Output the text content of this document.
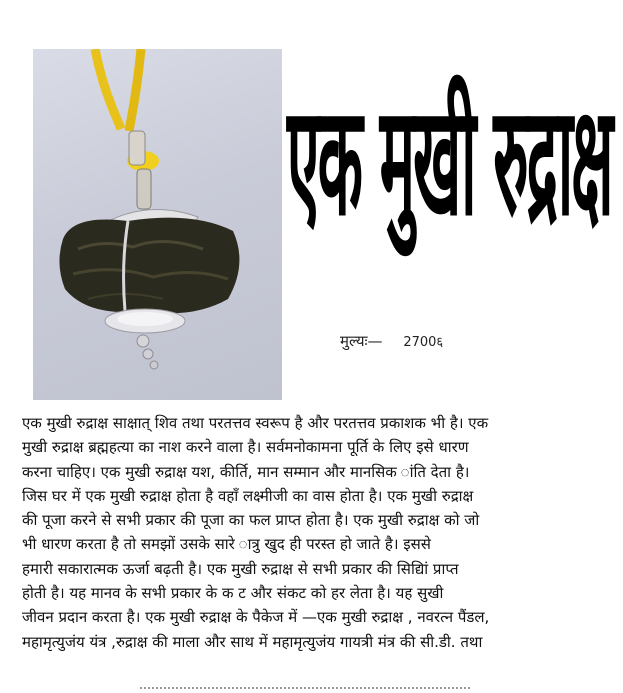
एक मुखी रुद्राक्ष
मुल्यः— 2700६
एक मुखी रुद्राक्ष साक्षात् शिव तथा परतत्तव स्वरूप है और परतत्तव प्रकाशक भी है। एक
मुखी रुद्राक्ष ब्रह्महत्या का नाश करने वाला है। सर्वमनोकामना पूर्ति के लिए इसे धारण
करना चाहिए। एक मुखी रुद्राक्ष यश, कीर्ति, मान सम्मान और मानसिक ांति देता है।
जिस घर में एक मुखी रुद्राक्ष होता है वहॉं लक्ष्मीजी का वास होता है। एक मुखी रुद्राक्ष
की पूजा करने से सभी प्रकार की पूजा का फल प्राप्त होता है। एक मुखी रुद्राक्ष को जो
भी धारण करता है तो समझों उसके सारे ात्रु खुद ही परस्त हो जाते है। इससे
हमारी सकारात्मक ऊर्जा बढ़ती है। एक मुखी रुद्राक्ष से सभी प्रकार की सिद्यिां प्राप्त
होती है। यह मानव के सभी प्रकार के क ट और संकट को हर लेता है। यह सुखी
जीवन प्रदान करता है। एक मुखी रुद्राक्ष के पैकेज में —एक मुखी रुद्राक्ष , नवरत्न पैंडल,
महामृत्युजंय यंत्र ,रुद्राक्ष की माला और साथ में महामृत्युजंय गायत्री मंत्र की सी.डी. तथा
